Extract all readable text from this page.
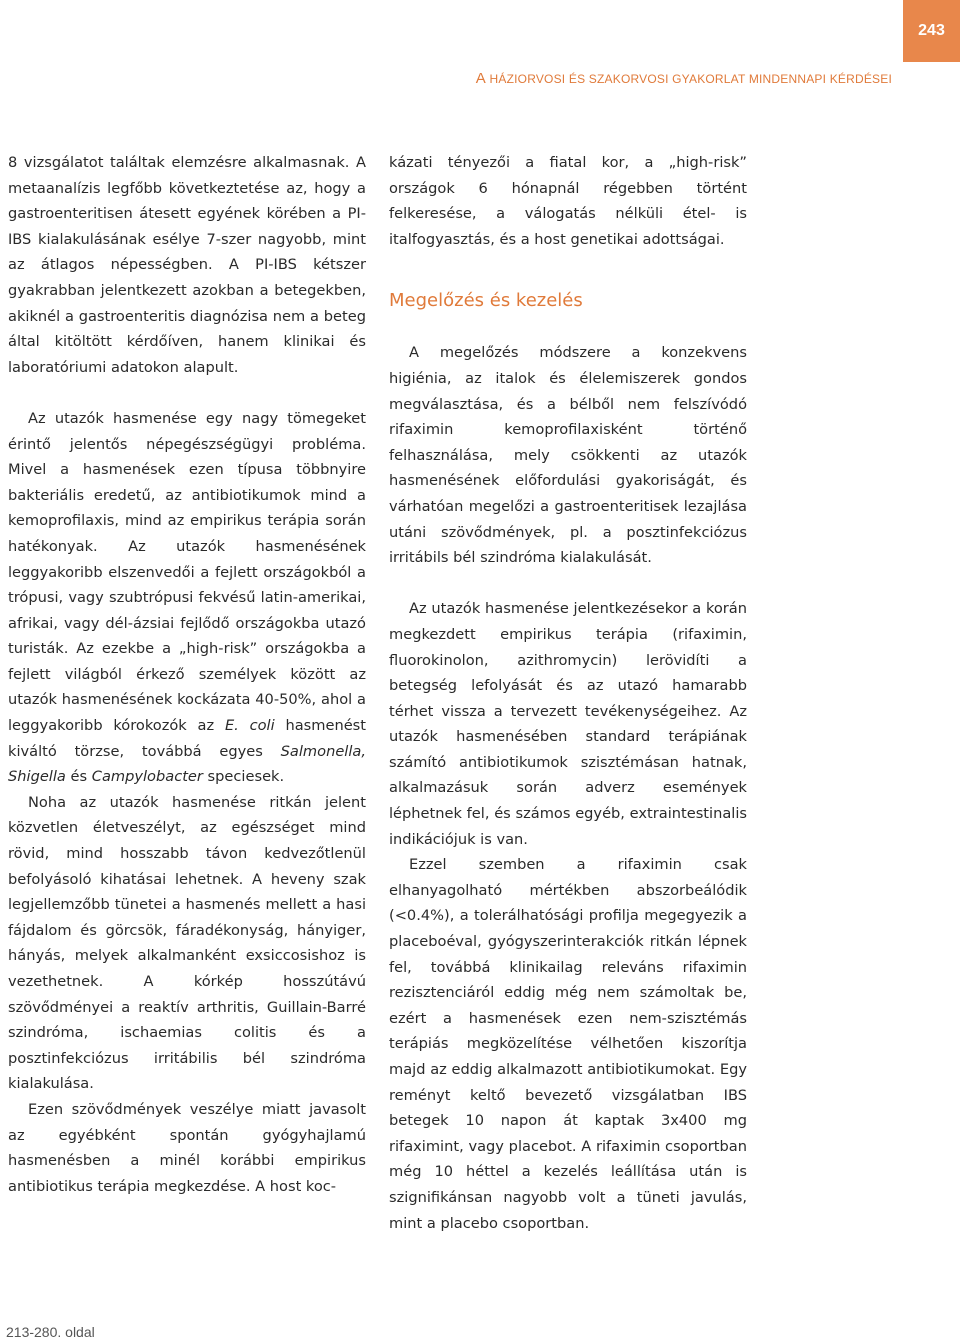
243
A HÁZIORVOSI ÉS SZAKORVOSI GYAKORLAT MINDENNAPI KÉRDÉSEI

8 vizsgálatot találtak elemzésre alkalmasnak. A metaanalízis legfőbb következtetése az, hogy a gastroenteritisen átesett egyének körében a PI-IBS kialakulásának esélye 7-szer nagyobb, mint az átlagos népességben. A PI-IBS kétszer gyakrabban jelentkezett azokban a betegekben, akiknél a gastroenteritis diagnózisa nem a beteg által kitöltött kérdőíven, hanem klinikai és laboratóriumi adatokon alapult.

Az utazók hasmenése egy nagy tömegeket érintő jelentős népegészségügyi probléma. Mivel a hasmenések ezen típusa többnyire bakteriális eredetű, az antibiotikumok mind a kemoprofilaxis, mind az empirikus terápia során hatékonyak. Az utazók hasmenésének leggyakoribb elszenvedői a fejlett országokból a trópusi, vagy szubtrópusi fekvésű latin-amerikai, afrikai, vagy dél-ázsiai fejlődő országokba utazó turisták. Az ezekbe a „high-risk” országokba a fejlett világból érkező személyek között az utazók hasmenésének kockázata 40-50%, ahol a leggyakoribb kórokozók az E. coli hasmenést kiváltó törzse, továbbá egyes Salmonella, Shigella és Campylobacter speciesek.

Noha az utazók hasmenése ritkán jelent közvetlen életveszélyt, az egészséget mind rövid, mind hosszabb távon kedvezőtlenül befolyásoló kihatásai lehetnek. A heveny szak legjellemzőbb tünetei a hasmenés mellett a hasi fájdalom és görcsök, fáradékonyság, hányiger, hányás, melyek alkalmanként exsiccosishoz is vezethetnek. A kórkép hosszútávú szövődményei a reaktív arthritis, Guillain-Barré szindróma, ischaemias colitis és a posztinfekciózus irritábilis bél szindróma kialakulása.

Ezen szövődmények veszélye miatt javasolt az egyébként spontán gyógyhajlamú hasmenésben a minél korábbi empirikus antibiotikus terápia megkezdése. A host koc-

kázati tényezői a fiatal kor, a „high-risk” országok 6 hónapnál régebben történt felkeresése, a válogatás nélküli étel- is italfogyasztás, és a host genetikai adottságai.

Megelőzés és kezelés

A megelőzés módszere a konzekvens higiénia, az italok és élelemiszerek gondos megválasztása, és a bélből nem felszívódó rifaximin kemoprofilaxisként történő felhasználása, mely csökkenti az utazók hasmenésének előfordulási gyakoriságát, és várhatóan megelőzi a gastroenteritisek lezajlása utáni szövődmények, pl. a posztinfekciózus irritábils bél szindróma kialakulását.

Az utazók hasmenése jelentkezésekor a korán megkezdett empirikus terápia (rifaximin, fluorokinolon, azithromycin) lerövidíti a betegség lefolyását és az utazó hamarabb térhet vissza a tervezett tevékenységeihez. Az utazók hasmenésében standard terápiának számító antibiotikumok szisztémásan hatnak, alkalmazásuk során adverz események léphetnek fel, és számos egyéb, extraintestinalis indikációjuk is van.

Ezzel szemben a rifaximin csak elhanyagolható mértékben abszorbeálódik (<0.4%), a tolerálhatósági profilja megegyezik a placeboéval, gyógyszerinterakciók ritkán lépnek fel, továbbá klinikailag releváns rifaximin rezisztenciáról eddig még nem számoltak be, ezért a hasmenések ezen nem-szisztémás terápiás megközelítése vélhetően kiszorítja majd az eddig alkalmazott antibiotikumokat. Egy reményt keltő bevezető vizsgálatban IBS betegek 10 napon át kaptak 3x400 mg rifaximint, vagy placebot. A rifaximin csoportban még 10 héttel a kezelés leállítása után is szignifikánsan nagyobb volt a tüneti javulás, mint a placebo csoportban.

213-280. oldal
